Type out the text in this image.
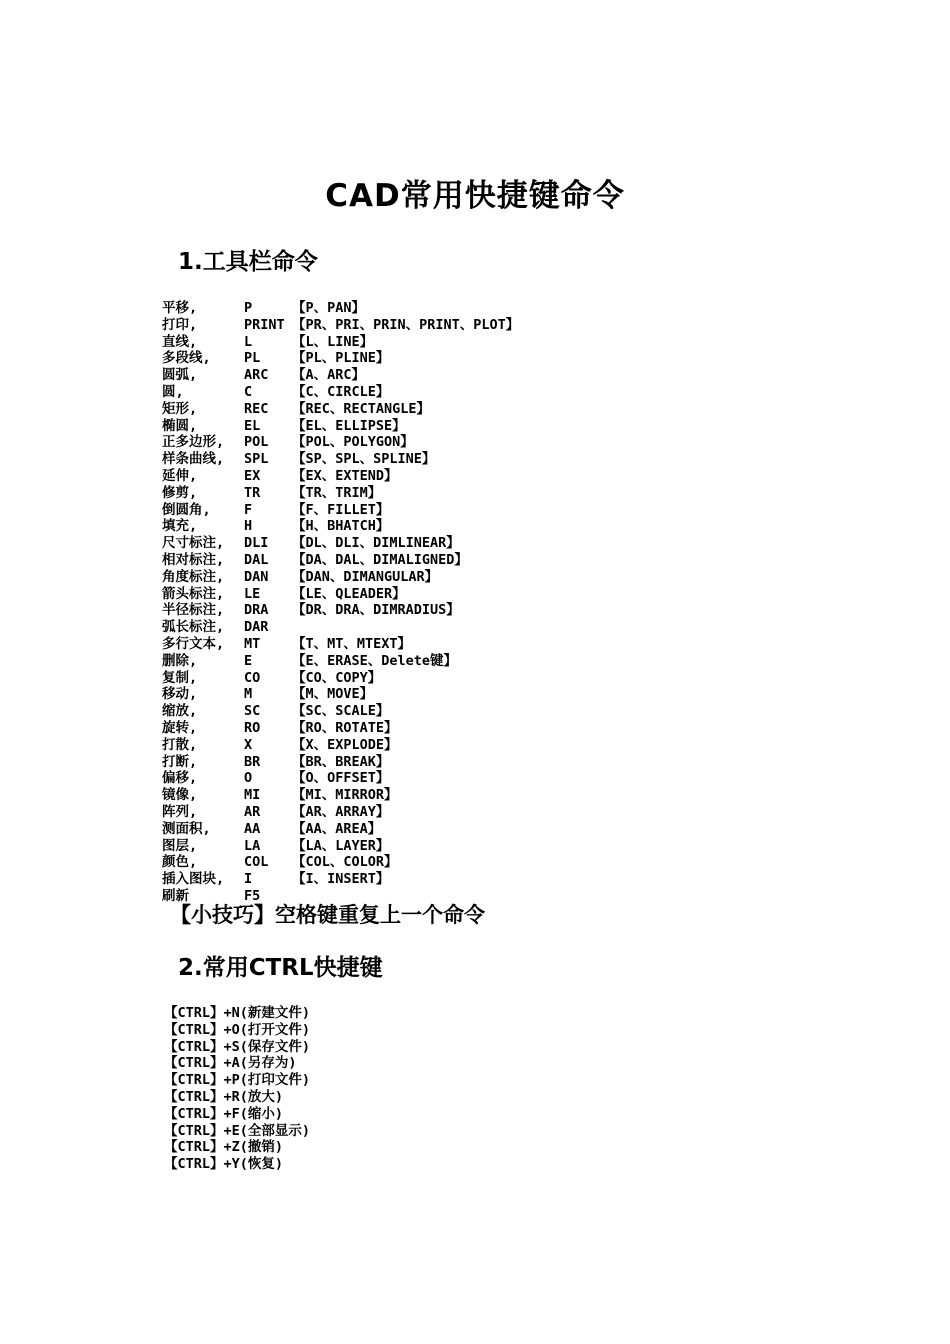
CAD常用快捷键命令
1.工具栏命令
平移,	P	【P、PAN】
打印,	PRINT 【PR、PRI、PRIN、PRINT、PLOT】
直线,	L	【L、LINE】
多段线,	PL	【PL、PLINE】
圆弧,	ARC	【A、ARC】
圆,	C	【C、CIRCLE】
矩形,	REC	【REC、RECTANGLE】
椭圆,	EL	【EL、ELLIPSE】
正多边形,	POL	【POL、POLYGON】
样条曲线,	SPL	【SP、SPL、SPLINE】
延伸,	EX	【EX、EXTEND】
修剪,	TR	【TR、TRIM】
倒圆角,	F	【F、FILLET】
填充,	H	【H、BHATCH】
尺寸标注,	DLI	【DL、DLI、DIMLINEAR】
相对标注,	DAL	【DA、DAL、DIMALIGNED】
角度标注,	DAN	【DAN、DIMANGULAR】
箭头标注,	LE	【LE、QLEADER】
半径标注,	DRA	【DR、DRA、DIMRADIUS】
弧长标注,	DAR
多行文本,	MT	【T、MT、MTEXT】
删除,	E	【E、ERASE、Delete键】
复制,	CO	【CO、COPY】
移动,	M	【M、MOVE】
缩放,	SC	【SC、SCALE】
旋转,	RO	【RO、ROTATE】
打散,	X	【X、EXPLODE】
打断,	BR	【BR、BREAK】
偏移,	O	【O、OFFSET】
镜像,	MI	【MI、MIRROR】
阵列,	AR	【AR、ARRAY】
测面积,	AA	【AA、AREA】
图层,	LA	【LA、LAYER】
颜色,	COL	【COL、COLOR】
插入图块,	I	【I、INSERT】
刷新	F5
【小技巧】空格键重复上一个命令
2.常用CTRL快捷键
【CTRL】+N(新建文件)
【CTRL】+O(打开文件)
【CTRL】+S(保存文件)
【CTRL】+A(另存为)
【CTRL】+P(打印文件)
【CTRL】+R(放大)
【CTRL】+F(缩小)
【CTRL】+E(全部显示)
【CTRL】+Z(撤销)
【CTRL】+Y(恢复)
